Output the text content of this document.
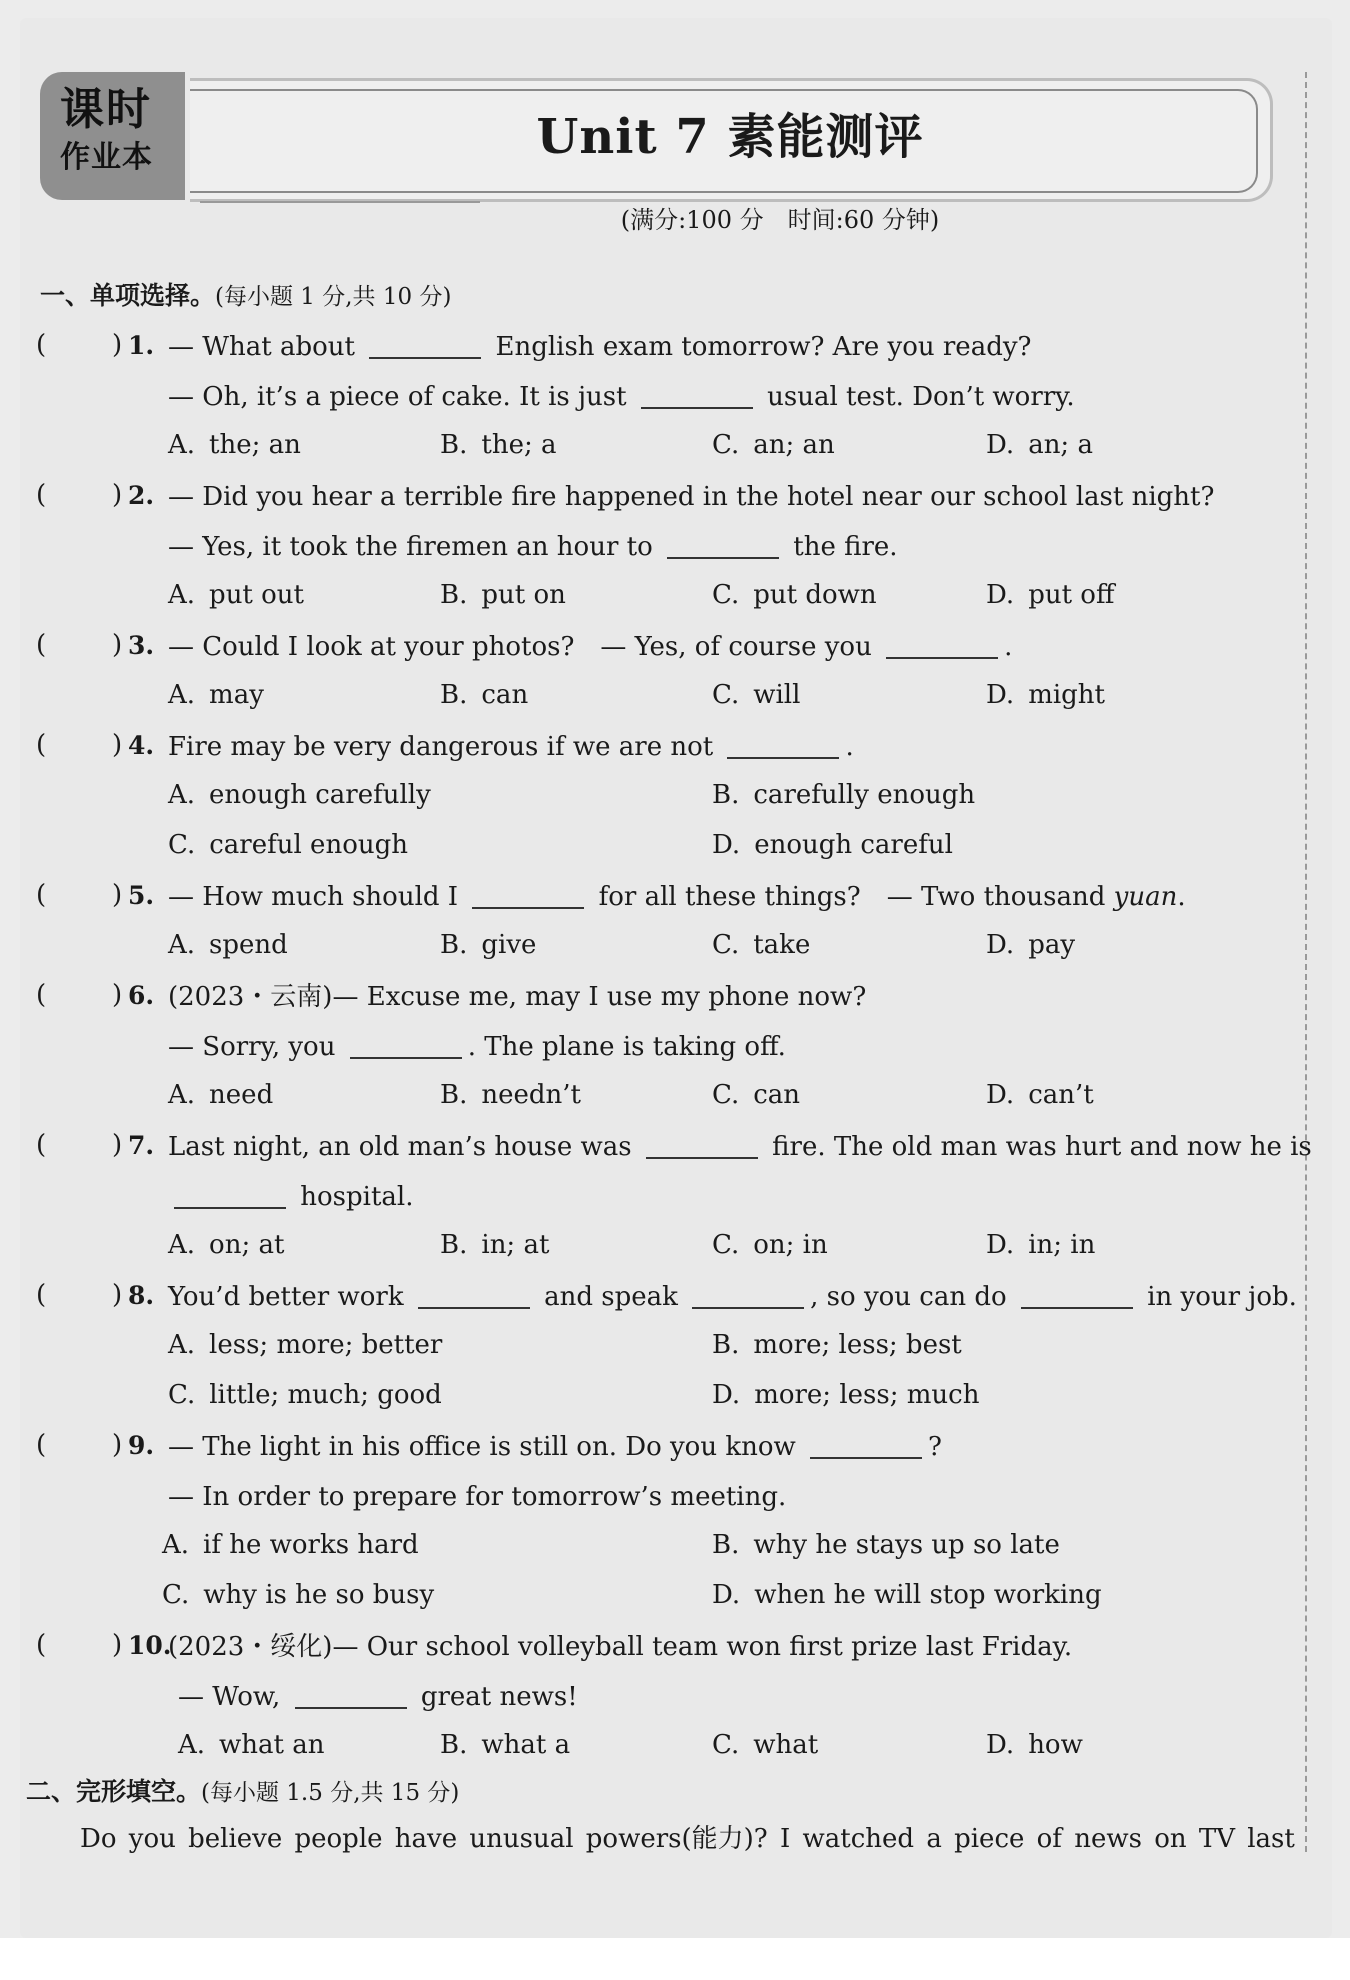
课时
作业本	Unit 7 素能测评
(满分:100 分　时间:60 分钟)
一、单项选择。(每小题 1 分,共 10 分)
(	) 1. — What about	English exam tomorrow? Are you ready?
— Oh, it’s a piece of cake. It is just	usual test. Don’t worry.
A. the; an	B. the; a	C. an; an	D. an; a
(	) 2. — Did you hear a terrible fire happened in the hotel near our school last night?
— Yes, it took the firemen an hour to	the fire.
A. put out	B. put on	C. put down	D. put off
(	) 3. — Could I look at your photos?　— Yes, of course you	.
A. may	B. can	C. will	D. might
(	) 4. Fire may be very dangerous if we are not	.
A. enough carefully	B. carefully enough
C. careful enough	D. enough careful
(	) 5. — How much should I	for all these things?　— Two thousand yuan.
A. spend	B. give	C. take	D. pay
(	) 6. (2023・云南)— Excuse me, may I use my phone now?
— Sorry, you	. The plane is taking off.
A. need	B. needn’t	C. can	D. can’t
(	) 7. Last night, an old man’s house was	fire. The old man was hurt and now he is
hospital.
A. on; at	B. in; at	C. on; in	D. in; in
(	) 8. You’d better work	and speak	, so you can do	in your job.
A. less; more; better	B. more; less; best
C. little; much; good	D. more; less; much
(	) 9. — The light in his office is still on. Do you know	?
— In order to prepare for tomorrow’s meeting.
A. if he works hard	B. why he stays up so late
C. why is he so busy	D. when he will stop working
(	) 10.
(2023・绥化)— Our school volleyball team won first prize last Friday.
— Wow,	great news!
A. what an	B. what a	C. what	D. how
二、完形填空。(每小题 1.5 分,共 15 分)
Do you believe people have unusual powers(能力)? I watched a piece of news on TV last
